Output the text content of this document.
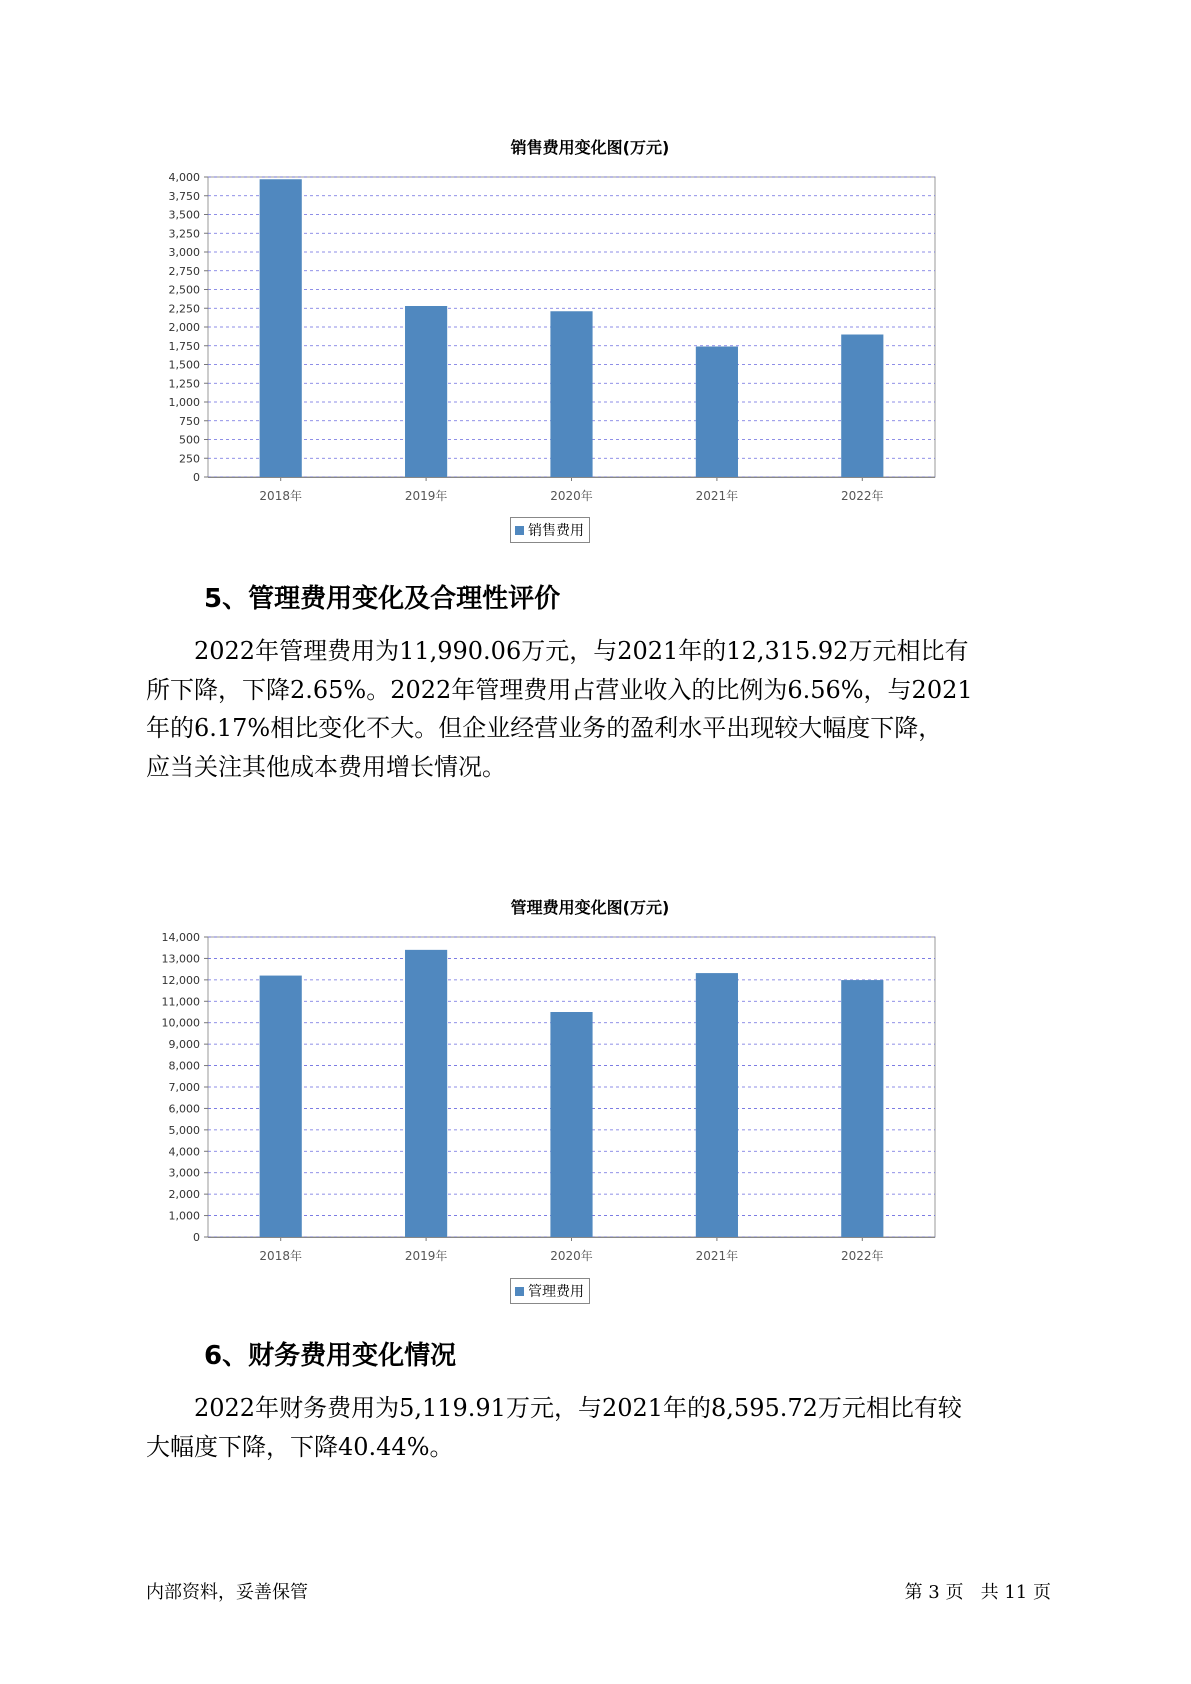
销售费用变化图(万元)
0
250
500
750
1,000
1,250
1,500
1,750
2,000
2,250
2,500
2,750
3,000
3,250
3,500
3,750
4,000
2018年	2019年	2020年	2021年	2022年
销售费用
5、管理费用变化及合理性评价
　　2022年管理费用为11,990.06万元，与2021年的12,315.92万元相比有
所下降，下降2.65%。2022年管理费用占营业收入的比例为6.56%，与2021
年的6.17%相比变化不大。但企业经营业务的盈利水平出现较大幅度下降，
应当关注其他成本费用增长情况。
管理费用变化图(万元)
0
1,000
2,000
3,000
4,000
5,000
6,000
7,000
8,000
9,000
10,000
11,000
12,000
13,000
14,000
2018年	2019年	2020年	2021年	2022年
管理费用
6、财务费用变化情况
　　2022年财务费用为5,119.91万元，与2021年的8,595.72万元相比有较
大幅度下降，下降40.44%。
内部资料，妥善保管	第 3 页   共 11 页
